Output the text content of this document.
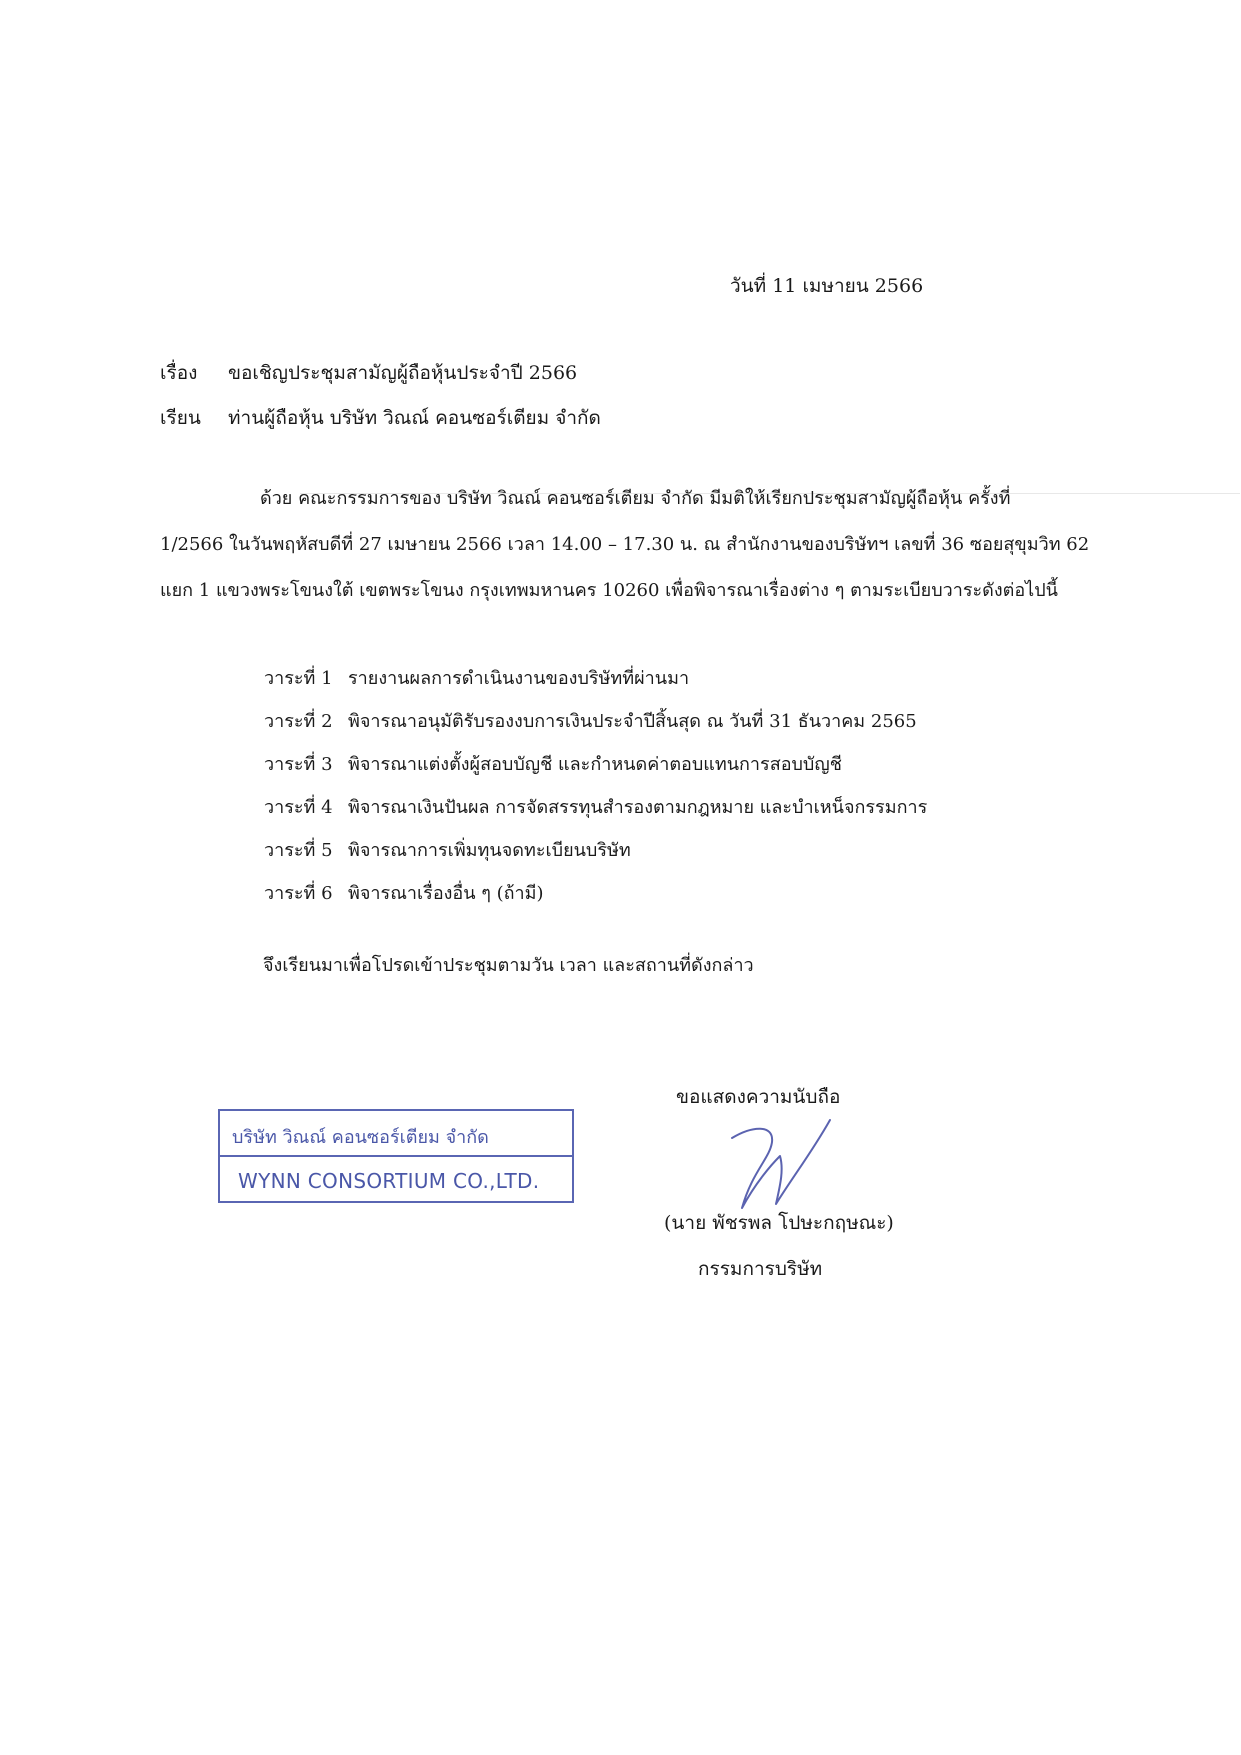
วันที่ 11 เมษายน 2566
เรื่อง ขอเชิญประชุมสามัญผู้ถือหุ้นประจำปี 2566
เรียน ท่านผู้ถือหุ้น บริษัท วิณณ์ คอนซอร์เตียม จำกัด
ด้วย คณะกรรมการของ บริษัท วิณณ์ คอนซอร์เตียม จำกัด มีมติให้เรียกประชุมสามัญผู้ถือหุ้น ครั้งที่
1/2566 ในวันพฤหัสบดีที่ 27 เมษายน 2566 เวลา 14.00 – 17.30 น. ณ สำนักงานของบริษัทฯ เลขที่ 36 ซอยสุขุมวิท 62
แยก 1 แขวงพระโขนงใต้ เขตพระโขนง กรุงเทพมหานคร 10260 เพื่อพิจารณาเรื่องต่าง ๆ ตามระเบียบวาระดังต่อไปนี้
วาระที่ 1 รายงานผลการดำเนินงานของบริษัทที่ผ่านมา
วาระที่ 2 พิจารณาอนุมัติรับรองงบการเงินประจำปีสิ้นสุด ณ วันที่ 31 ธันวาคม 2565
วาระที่ 3 พิจารณาแต่งตั้งผู้สอบบัญชี และกำหนดค่าตอบแทนการสอบบัญชี
วาระที่ 4 พิจารณาเงินปันผล การจัดสรรทุนสำรองตามกฎหมาย และบำเหน็จกรรมการ
วาระที่ 5 พิจารณาการเพิ่มทุนจดทะเบียนบริษัท
วาระที่ 6 พิจารณาเรื่องอื่น ๆ (ถ้ามี)
จึงเรียนมาเพื่อโปรดเข้าประชุมตามวัน เวลา และสถานที่ดังกล่าว
ขอแสดงความนับถือ
บริษัท วิณณ์ คอนซอร์เตียม จำกัด
WYNN CONSORTIUM CO.,LTD.
(นาย พัชรพล โปษะกฤษณะ)
กรรมการบริษัท
